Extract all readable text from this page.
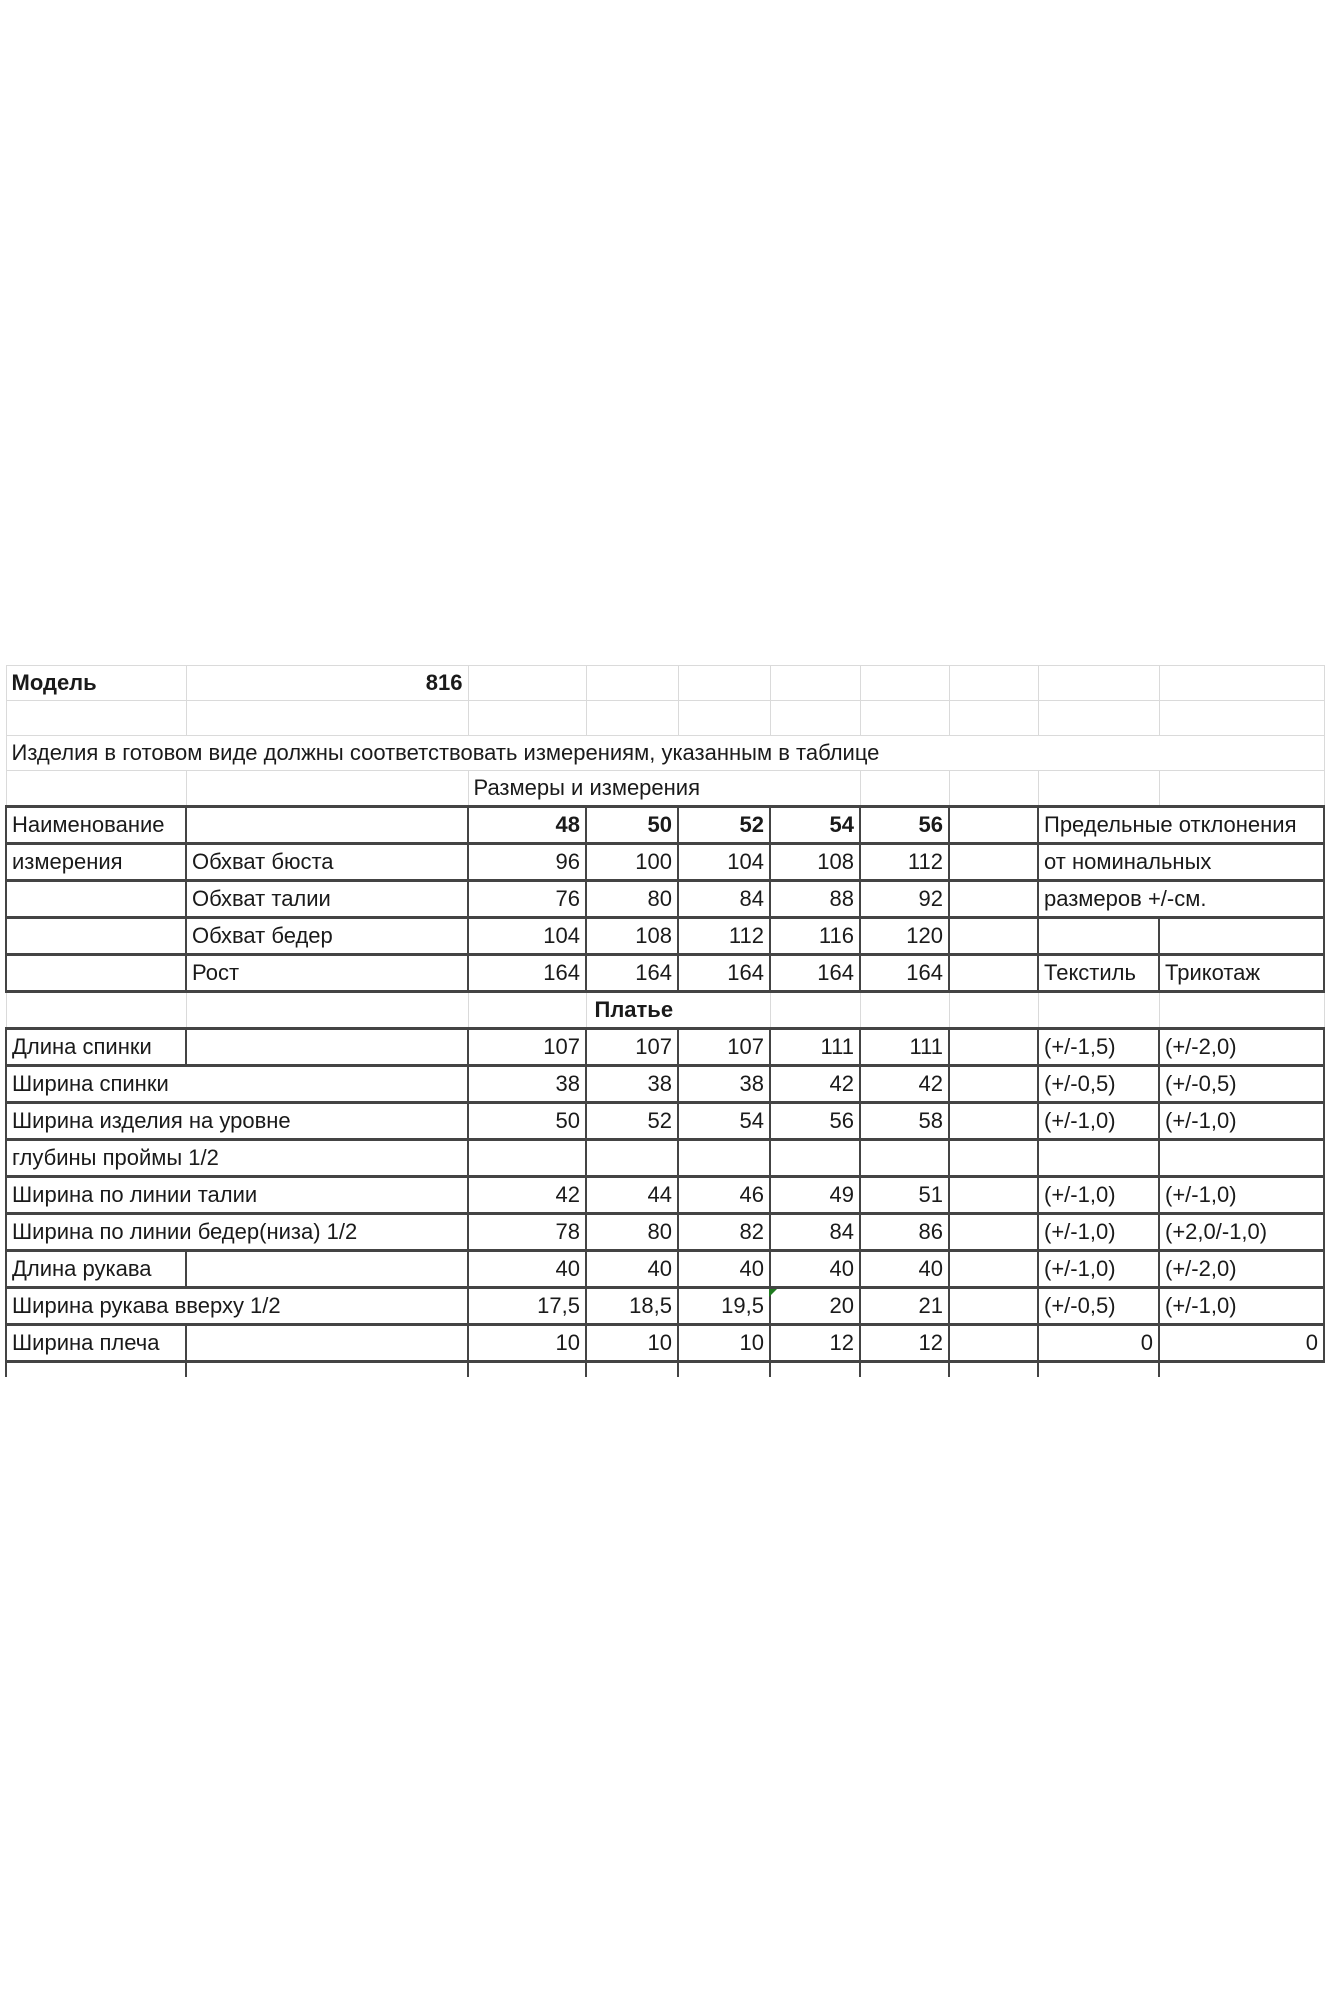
Модель	816								

Изделия в готовом виде должны соответствовать измерениям, указанным в таблице									
		Размеры и измерения							
Наименование		48	50	52	54	56		Предельные отклонения	
измерения	Обхват бюста	96	100	104	108	112		от номинальных	
	Обхват талии	76	80	84	88	92		размеров +/-см.	
	Обхват бедер	104	108	112	116	120			
	Рост	164	164	164	164	164		Текстиль	Трикотаж
			Платье						
Длина спинки		107	107	107	111	111		(+/-1,5)	(+/-2,0)
Ширина спинки		38	38	38	42	42		(+/-0,5)	(+/-0,5)
Ширина изделия на уровне		50	52	54	56	58		(+/-1,0)	(+/-1,0)
глубины проймы 1/2									
Ширина по линии талии		42	44	46	49	51		(+/-1,0)	(+/-1,0)
Ширина по линии бедер(низа) 1/2		78	80	82	84	86		(+/-1,0)	(+2,0/-1,0)
Длина рукава		40	40	40	40	40		(+/-1,0)	(+/-2,0)
Ширина рукава вверху 1/2		17,5	18,5	19,5	20	21		(+/-0,5)	(+/-1,0)
Ширина плеча		10	10	10	12	12		0	0
